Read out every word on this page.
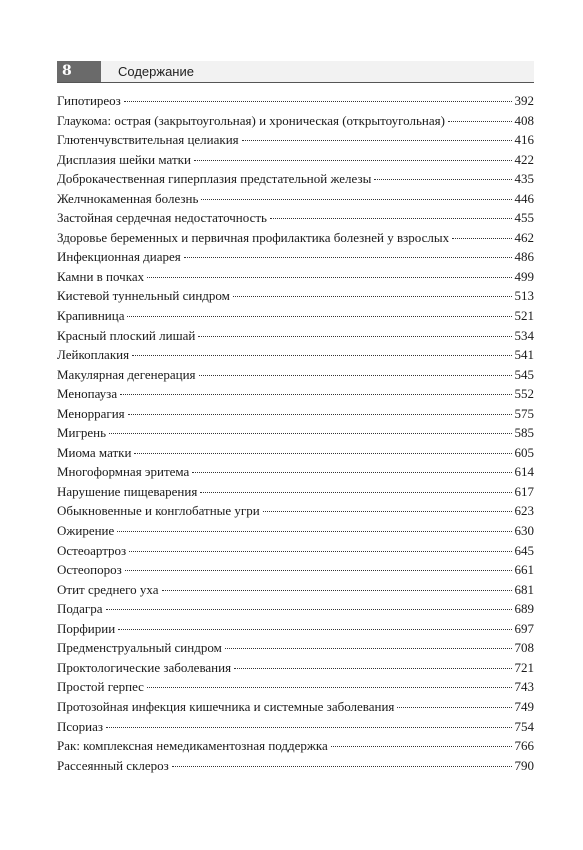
8	Содержание
Гипотиреоз	392
Глаукома: острая (закрытоугольная) и хроническая (открытоугольная)	408
Глютенчувствительная целиакия	416
Дисплазия шейки матки	422
Доброкачественная гиперплазия предстательной железы	435
Желчнокаменная болезнь	446
Застойная сердечная недостаточность	455
Здоровье беременных и первичная профилактика болезней у взрослых	462
Инфекционная диарея	486
Камни в почках	499
Кистевой туннельный синдром	513
Крапивница	521
Красный плоский лишай	534
Лейкоплакия	541
Макулярная дегенерация	545
Менопауза	552
Меноррагия	575
Мигрень	585
Миома матки	605
Многоформная эритема	614
Нарушение пищеварения	617
Обыкновенные и конглобатные угри	623
Ожирение	630
Остеоартроз	645
Остеопороз	661
Отит среднего уха	681
Подагра	689
Порфирии	697
Предменструальный синдром	708
Проктологические заболевания	721
Простой герпес	743
Протозойная инфекция кишечника и системные заболевания	749
Псориаз	754
Рак: комплексная немедикаментозная поддержка	766
Рассеянный склероз	790
